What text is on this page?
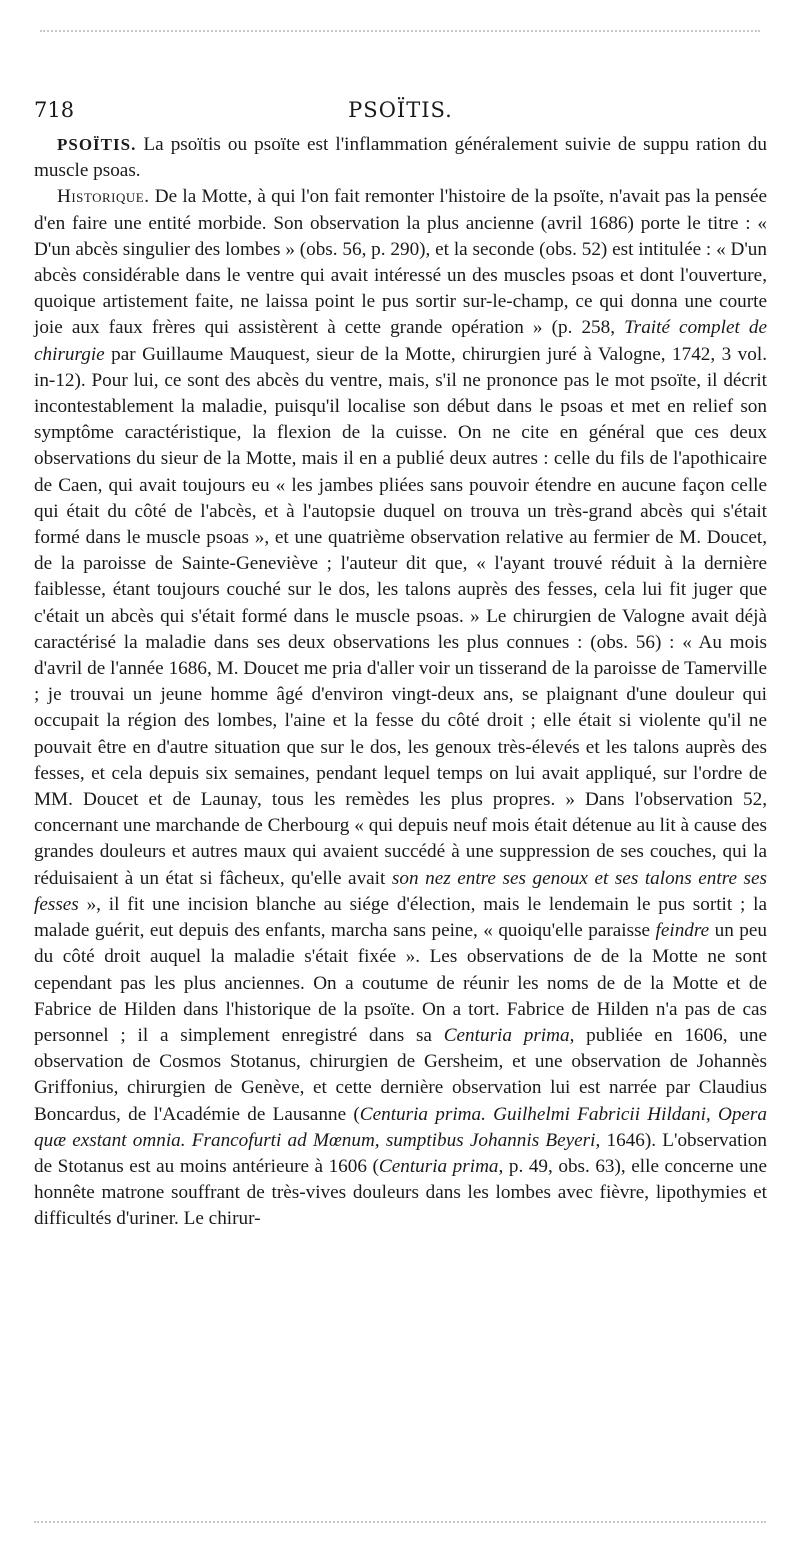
718	PSOÏTIS.

PSOÏTIS. La psoïtis ou psoïte est l'inflammation généralement suivie de suppu ration du muscle psoas.

Historique. De la Motte, à qui l'on fait remonter l'histoire de la psoïte, n'avait pas la pensée d'en faire une entité morbide. Son observation la plus ancienne (avril 1686) porte le titre : « D'un abcès singulier des lombes » (obs. 56, p. 290), et la seconde (obs. 52) est intitulée : « D'un abcès considérable dans le ventre qui avait intéressé un des muscles psoas et dont l'ouverture, quoique artistement faite, ne laissa point le pus sortir sur-le-champ, ce qui donna une courte joie aux faux frères qui assistèrent à cette grande opération » (p. 258, Traité complet de chirurgie par Guillaume Mauquest, sieur de la Motte, chirurgien juré à Valogne, 1742, 3 vol. in-12). Pour lui, ce sont des abcès du ventre, mais, s'il ne prononce pas le mot psoïte, il décrit incontestablement la maladie, puisqu'il localise son début dans le psoas et met en relief son symptôme caractéristique, la flexion de la cuisse. On ne cite en général que ces deux observations du sieur de la Motte, mais il en a publié deux autres : celle du fils de l'apothicaire de Caen, qui avait toujours eu « les jambes pliées sans pouvoir étendre en aucune façon celle qui était du côté de l'abcès, et à l'autopsie duquel on trouva un très-grand abcès qui s'était formé dans le muscle psoas », et une quatrième observation relative au fermier de M. Doucet, de la paroisse de Sainte-Geneviève ; l'auteur dit que, « l'ayant trouvé réduit à la dernière faiblesse, étant toujours couché sur le dos, les talons auprès des fesses, cela lui fit juger que c'était un abcès qui s'était formé dans le muscle psoas. » Le chirurgien de Valogne avait déjà caractérisé la maladie dans ses deux observations les plus connues : (obs. 56) : « Au mois d'avril de l'année 1686, M. Doucet me pria d'aller voir un tisserand de la paroisse de Tamerville ; je trouvai un jeune homme âgé d'environ vingt-deux ans, se plaignant d'une douleur qui occupait la région des lombes, l'aine et la fesse du côté droit ; elle était si violente qu'il ne pouvait être en d'autre situation que sur le dos, les genoux très-élevés et les talons auprès des fesses, et cela depuis six semaines, pendant lequel temps on lui avait appliqué, sur l'ordre de MM. Doucet et de Launay, tous les remèdes les plus propres. » Dans l'observation 52, concernant une marchande de Cherbourg « qui depuis neuf mois était détenue au lit à cause des grandes douleurs et autres maux qui avaient succédé à une suppression de ses couches, qui la réduisaient à un état si fâcheux, qu'elle avait son nez entre ses genoux et ses talons entre ses fesses », il fit une incision blanche au siége d'élection, mais le lendemain le pus sortit ; la malade guérit, eut depuis des enfants, marcha sans peine, « quoiqu'elle paraisse feindre un peu du côté droit auquel la maladie s'était fixée ». Les observations de de la Motte ne sont cependant pas les plus anciennes. On a coutume de réunir les noms de de la Motte et de Fabrice de Hilden dans l'historique de la psoïte. On a tort. Fabrice de Hilden n'a pas de cas personnel ; il a simplement enregistré dans sa Centuria prima, publiée en 1606, une observation de Cosmos Stotanus, chirurgien de Gersheim, et une observation de Johannès Griffonius, chirurgien de Genève, et cette dernière observation lui est narrée par Claudius Boncardus, de l'Académie de Lausanne (Centuria prima. Guilhelmi Fabricii Hildani, Opera quæ exstant omnia. Francofurti ad Mœnum, sumptibus Johannis Beyeri, 1646). L'observation de Stotanus est au moins antérieure à 1606 (Centuria prima, p. 49, obs. 63), elle concerne une honnête matrone souffrant de très-vives douleurs dans les lombes avec fièvre, lipothymies et difficultés d'uriner. Le chirur-
